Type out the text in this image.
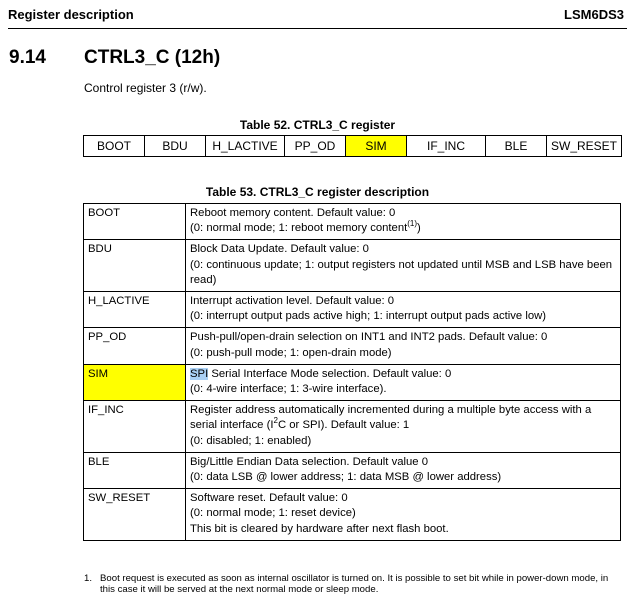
Register description	LSM6DS3
9.14 CTRL3_C (12h)
Control register 3 (r/w).
Table 52. CTRL3_C register
BOOT	BDU	H_LACTIVE	PP_OD	SIM	IF_INC	BLE	SW_RESET
Table 53. CTRL3_C register description
BOOT	Reboot memory content. Default value: 0
(0: normal mode; 1: reboot memory content$^{(1)}$)

BDU	Block Data Update. Default value: 0
(0: continuous update; 1: output registers not updated until MSB and LSB have been read)

H_LACTIVE	Interrupt activation level. Default value: 0
(0: interrupt output pads active high; 1: interrupt output pads active low)

PP_OD	Push-pull/open-drain selection on INT1 and INT2 pads. Default value: 0
(0: push-pull mode; 1: open-drain mode)

SIM	SPI Serial Interface Mode selection. Default value: 0
(0: 4-wire interface; 1: 3-wire interface).

IF_INC	Register address automatically incremented during a multiple byte access with a serial interface ($I^2C$ or SPI). Default value: 1
(0: disabled; 1: enabled)

BLE	Big/Little Endian Data selection. Default value 0
(0: data LSB @ lower address; 1: data MSB @ lower address)

SW_RESET	Software reset. Default value: 0
(0: normal mode; 1: reset device)
This bit is cleared by hardware after next flash boot.
1. Boot request is executed as soon as internal oscillator is turned on. It is possible to set bit while in power-down mode, in this case it will be served at the next normal mode or sleep mode.
